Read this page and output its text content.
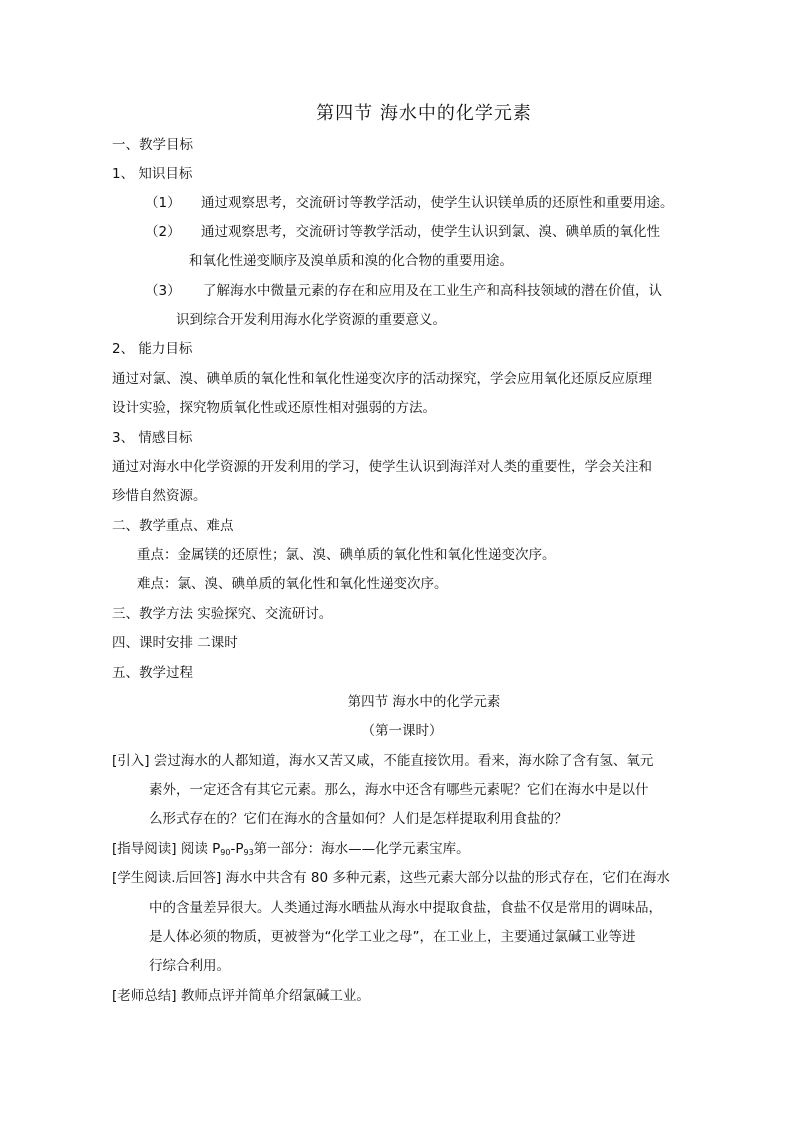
第四节 海水中的化学元素
一、教学目标
1、 知识目标
（1） 通过观察思考，交流研讨等教学活动，使学生认识镁单质的还原性和重要用途。
（2） 通过观察思考，交流研讨等教学活动，使学生认识到氯、溴、碘单质的氧化性
和氧化性递变顺序及溴单质和溴的化合物的重要用途。
（3） 了解海水中微量元素的存在和应用及在工业生产和高科技领域的潜在价值，认
识到综合开发利用海水化学资源的重要意义。
2、 能力目标
通过对氯、溴、碘单质的氧化性和氧化性递变次序的活动探究，学会应用氧化还原反应原理
设计实验，探究物质氧化性或还原性相对强弱的方法。
3、 情感目标
通过对海水中化学资源的开发利用的学习，使学生认识到海洋对人类的重要性，学会关注和
珍惜自然资源。
二、教学重点、难点
重点：金属镁的还原性；氯、溴、碘单质的氧化性和氧化性递变次序。
难点：氯、溴、碘单质的氧化性和氧化性递变次序。
三、教学方法 实验探究、交流研讨。
四、课时安排 二课时
五、教学过程
第四节 海水中的化学元素
（第一课时）
[引入] 尝过海水的人都知道，海水又苦又咸，不能直接饮用。看来，海水除了含有氢、氧元
素外，一定还含有其它元素。那么，海水中还含有哪些元素呢？它们在海水中是以什
么形式存在的？它们在海水的含量如何？人们是怎样提取利用食盐的？
[指导阅读] 阅读 $P_{90}-P_{93}$第一部分：海水——化学元素宝库。
[学生阅读.后回答] 海水中共含有 80 多种元素，这些元素大部分以盐的形式存在，它们在海水
中的含量差异很大。人类通过海水晒盐从海水中提取食盐，食盐不仅是常用的调味品，
是人体必须的物质，更被誉为“化学工业之母”，在工业上，主要通过氯碱工业等进
行综合利用。
[老师总结] 教师点评并简单介绍氯碱工业。
